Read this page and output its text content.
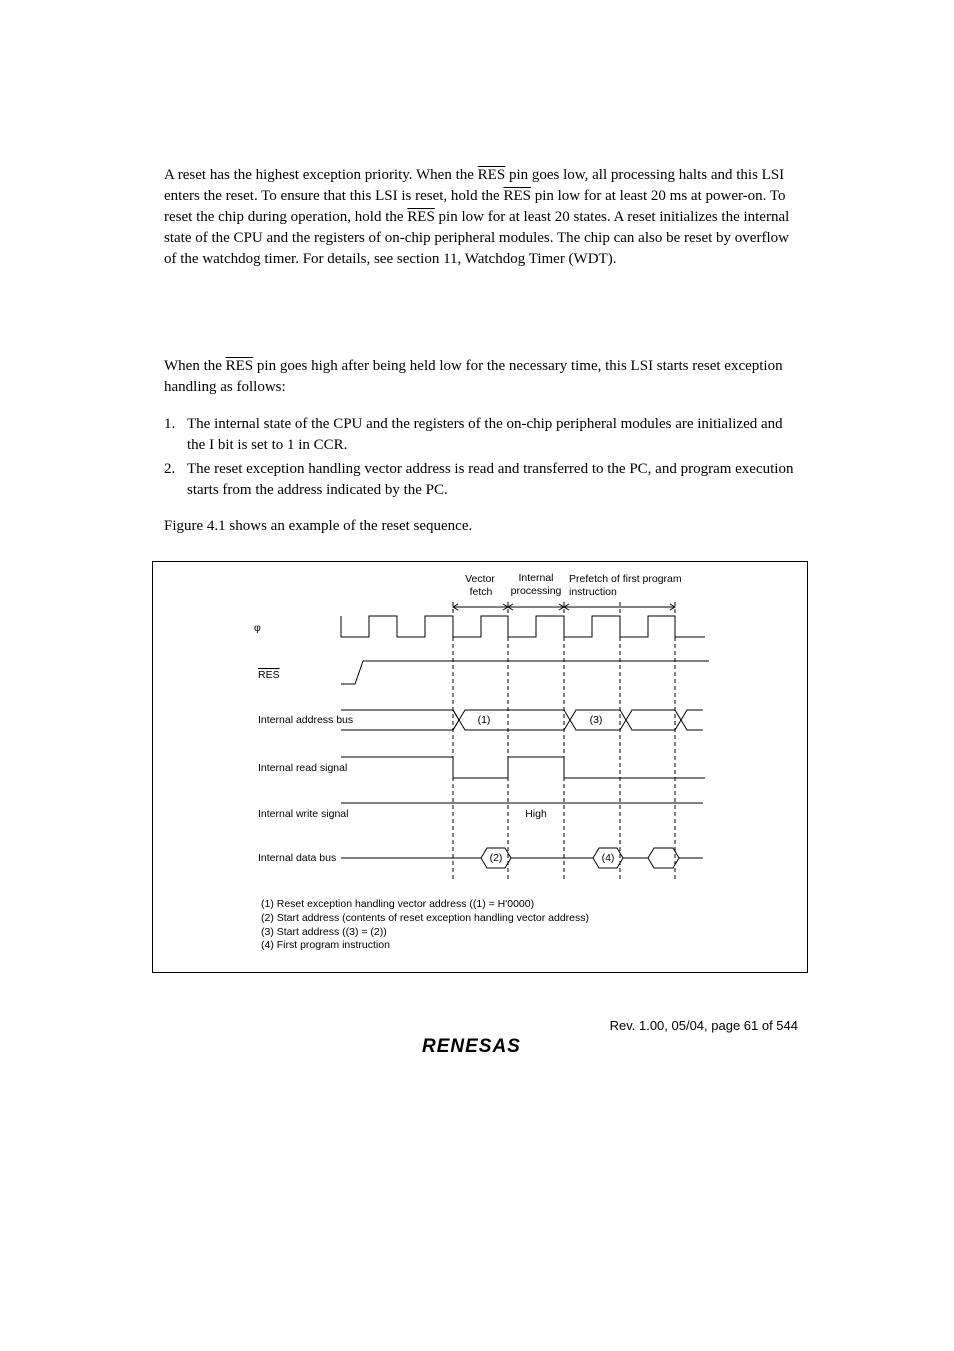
A reset has the highest exception priority. When the $\overline{RES}$ pin goes low, all processing halts and this LSI enters the reset. To ensure that this LSI is reset, hold the $\overline{RES}$ pin low for at least 20 ms at power-on. To reset the chip during operation, hold the $\overline{RES}$ pin low for at least 20 states. A reset initializes the internal state of the CPU and the registers of on-chip peripheral modules. The chip can also be reset by overflow of the watchdog timer. For details, see section 11, Watchdog Timer (WDT).

When the $\overline{RES}$ pin goes high after being held low for the necessary time, this LSI starts reset exception handling as follows:

1. The internal state of the CPU and the registers of the on-chip peripheral modules are initialized and the I bit is set to 1 in CCR.
2. The reset exception handling vector address is read and transferred to the PC, and program execution starts from the address indicated by the PC.

Figure 4.1 shows an example of the reset sequence.

Vector
fetch
Internal
processing
Prefetch of first program
instruction
φ
RES
Internal address bus
Internal read signal
Internal write signal
Internal data bus
(1)	(3)
(2)	(4)
High
(1) Reset exception handling vector address ((1) = H'0000)
(2) Start address (contents of reset exception handling vector address)
(3) Start address ((3) = (2))
(4) First program instruction
Rev. 1.00, 05/04, page 61 of 544
RENESAS
